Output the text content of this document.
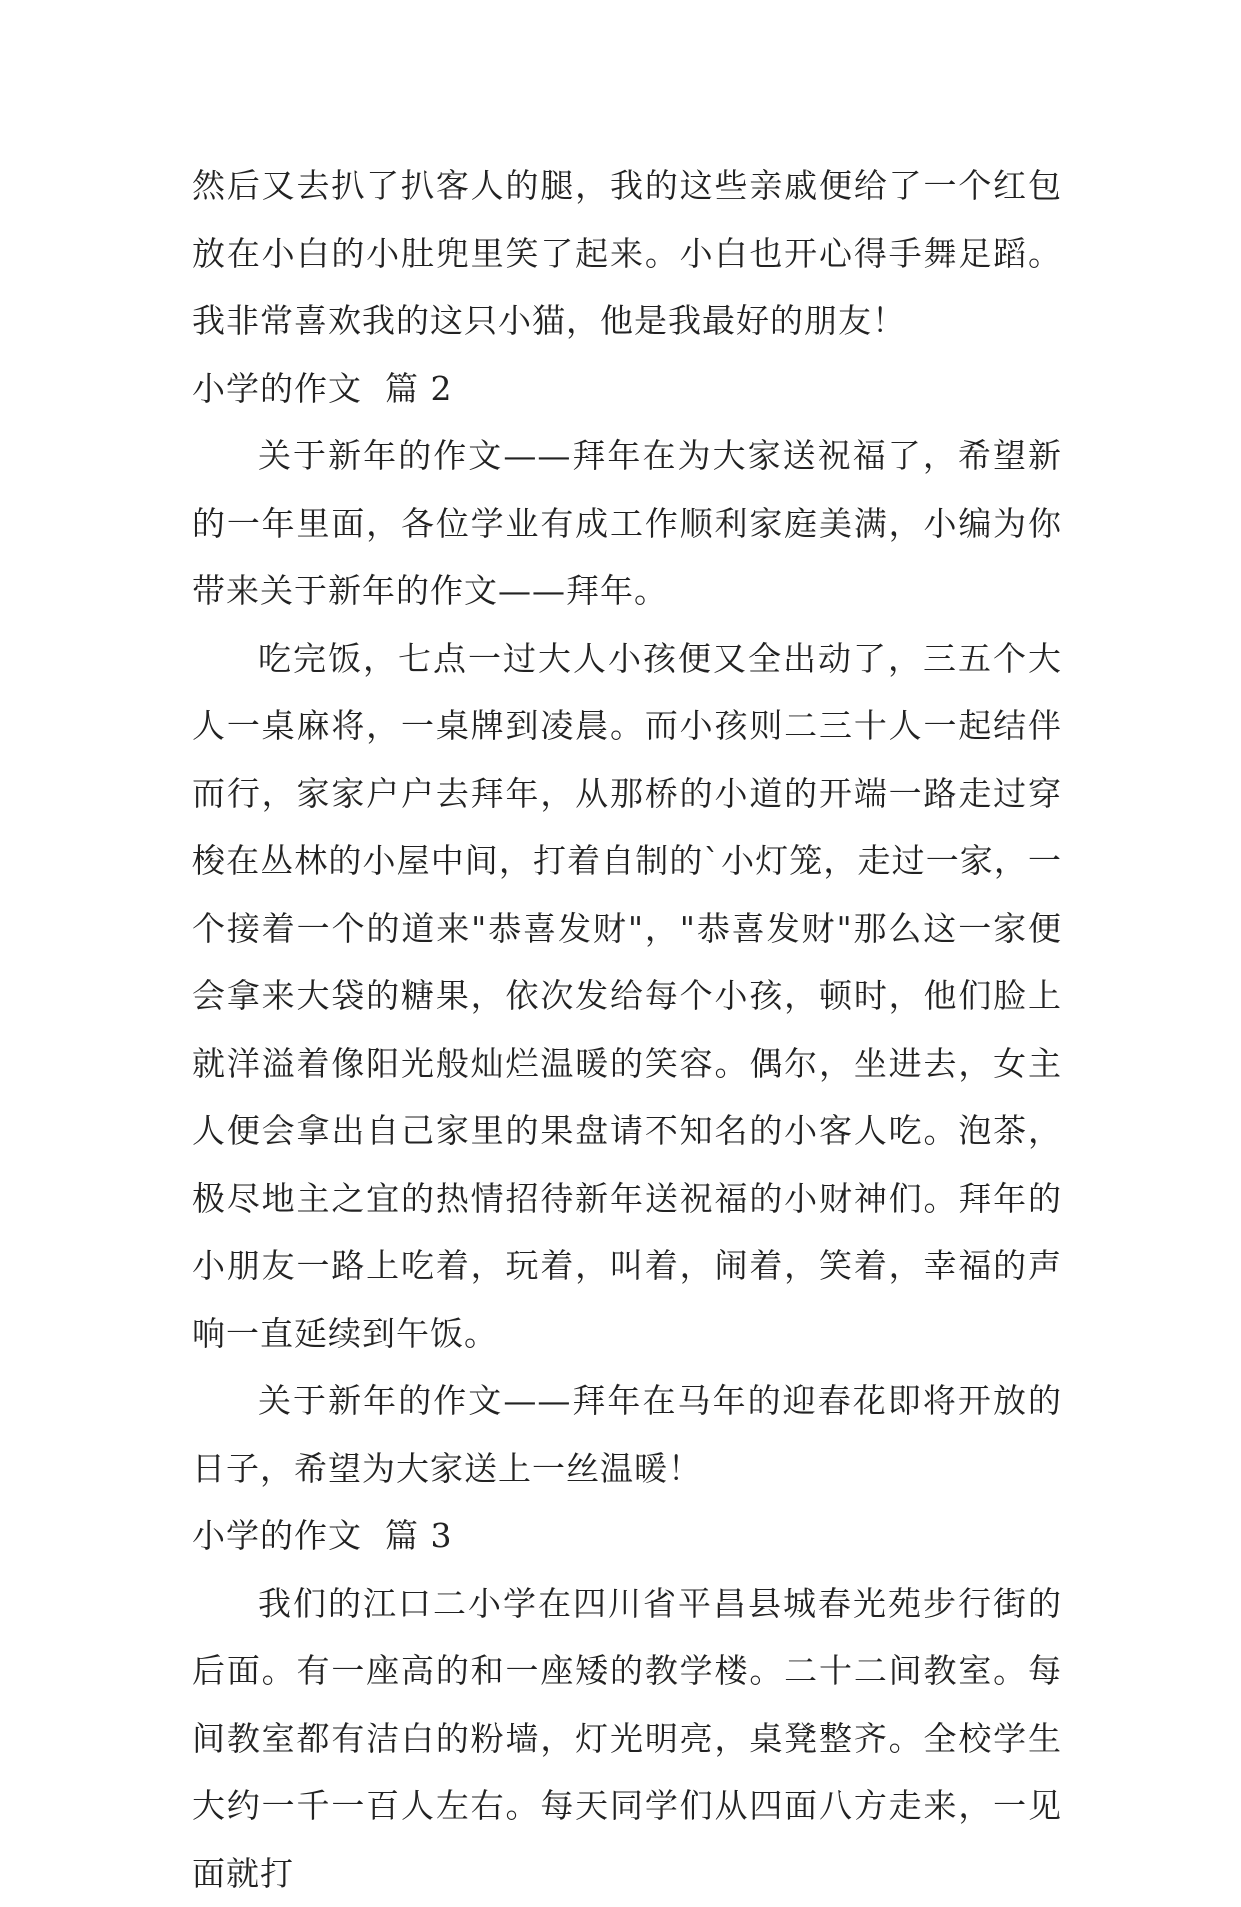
然后又去扒了扒客人的腿，我的这些亲戚便给了一个红包放在小白的小肚兜里笑了起来。小白也开心得手舞足蹈。 我非常喜欢我的这只小猫，他是我最好的朋友！

小学的作文  篇 2

关于新年的作文——拜年在为大家送祝福了，希望新的一年里面，各位学业有成工作顺利家庭美满，小编为你带来关于新年的作文——拜年。

吃完饭，七点一过大人小孩便又全出动了，三五个大人一桌麻将，一桌牌到凌晨。而小孩则二三十人一起结伴而行，家家户户去拜年，从那桥的小道的开端一路走过穿梭在丛林的小屋中间，打着自制的`小灯笼，走过一家，一个接着一个的道来"恭喜发财"，"恭喜发财"那么这一家便会拿来大袋的糖果，依次发给每个小孩，顿时，他们脸上就洋溢着像阳光般灿烂温暖的笑容。偶尔，坐进去，女主人便会拿出自己家里的果盘请不知名的小客人吃。泡茶，极尽地主之宜的热情招待新年送祝福的小财神们。拜年的小朋友一路上吃着，玩着，叫着，闹着，笑着，幸福的声响一直延续到午饭。

关于新年的作文——拜年在马年的迎春花即将开放的日子，希望为大家送上一丝温暖！

小学的作文  篇 3

我们的江口二小学在四川省平昌县城春光苑步行街的后面。有一座高的和一座矮的教学楼。二十二间教室。每间教室都有洁白的粉墙，灯光明亮，桌凳整齐。全校学生大约一千一百人左右。每天同学们从四面八方走来，一见面就打
